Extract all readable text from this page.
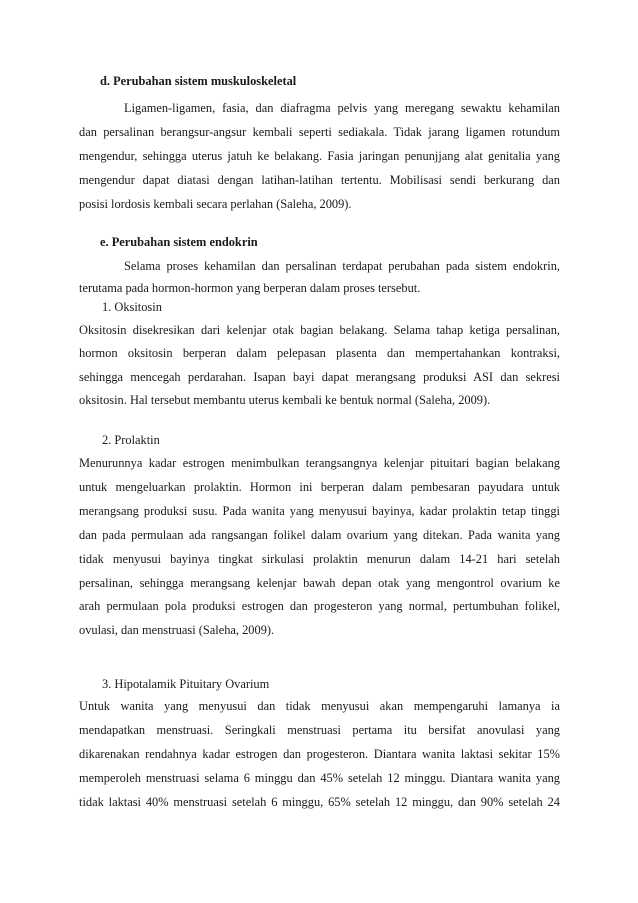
d. Perubahan sistem muskuloskeletal
Ligamen-ligamen, fasia, dan diafragma pelvis yang meregang sewaktu kehamilan
dan persalinan berangsur-angsur kembali seperti sediakala. Tidak jarang ligamen rotundum
mengendur, sehingga uterus jatuh ke belakang. Fasia jaringan penunjjang alat genitalia yang
mengendur dapat diatasi dengan latihan-latihan tertentu. Mobilisasi sendi berkurang dan
posisi lordosis kembali secara perlahan (Saleha, 2009).
e. Perubahan sistem endokrin
Selama proses kehamilan dan persalinan terdapat perubahan pada sistem endokrin,
terutama pada hormon-hormon yang berperan dalam proses tersebut.
1. Oksitosin
Oksitosin disekresikan dari kelenjar otak bagian belakang. Selama tahap ketiga persalinan,
hormon oksitosin berperan dalam pelepasan plasenta dan mempertahankan kontraksi,
sehingga mencegah perdarahan. Isapan bayi dapat merangsang produksi ASI dan sekresi
oksitosin. Hal tersebut membantu uterus kembali ke bentuk normal (Saleha, 2009).
2. Prolaktin
Menurunnya kadar estrogen menimbulkan terangsangnya kelenjar pituitari bagian belakang
untuk mengeluarkan prolaktin. Hormon ini berperan dalam pembesaran payudara untuk
merangsang produksi susu. Pada wanita yang menyusui bayinya, kadar prolaktin tetap tinggi
dan pada permulaan ada rangsangan folikel dalam ovarium yang ditekan. Pada wanita yang
tidak menyusui bayinya tingkat sirkulasi prolaktin menurun dalam 14-21 hari setelah
persalinan, sehingga merangsang kelenjar bawah depan otak yang mengontrol ovarium ke
arah permulaan pola produksi estrogen dan progesteron yang normal, pertumbuhan folikel,
ovulasi, dan menstruasi (Saleha, 2009).
3. Hipotalamik Pituitary Ovarium
Untuk wanita yang menyusui dan tidak menyusui akan mempengaruhi lamanya ia
mendapatkan menstruasi. Seringkali menstruasi pertama itu bersifat anovulasi yang
dikarenakan rendahnya kadar estrogen dan progesteron. Diantara wanita laktasi sekitar 15%
memperoleh menstruasi selama 6 minggu dan 45% setelah 12 minggu. Diantara wanita yang
tidak laktasi 40% menstruasi setelah 6 minggu, 65% setelah 12 minggu, dan 90% setelah 24
